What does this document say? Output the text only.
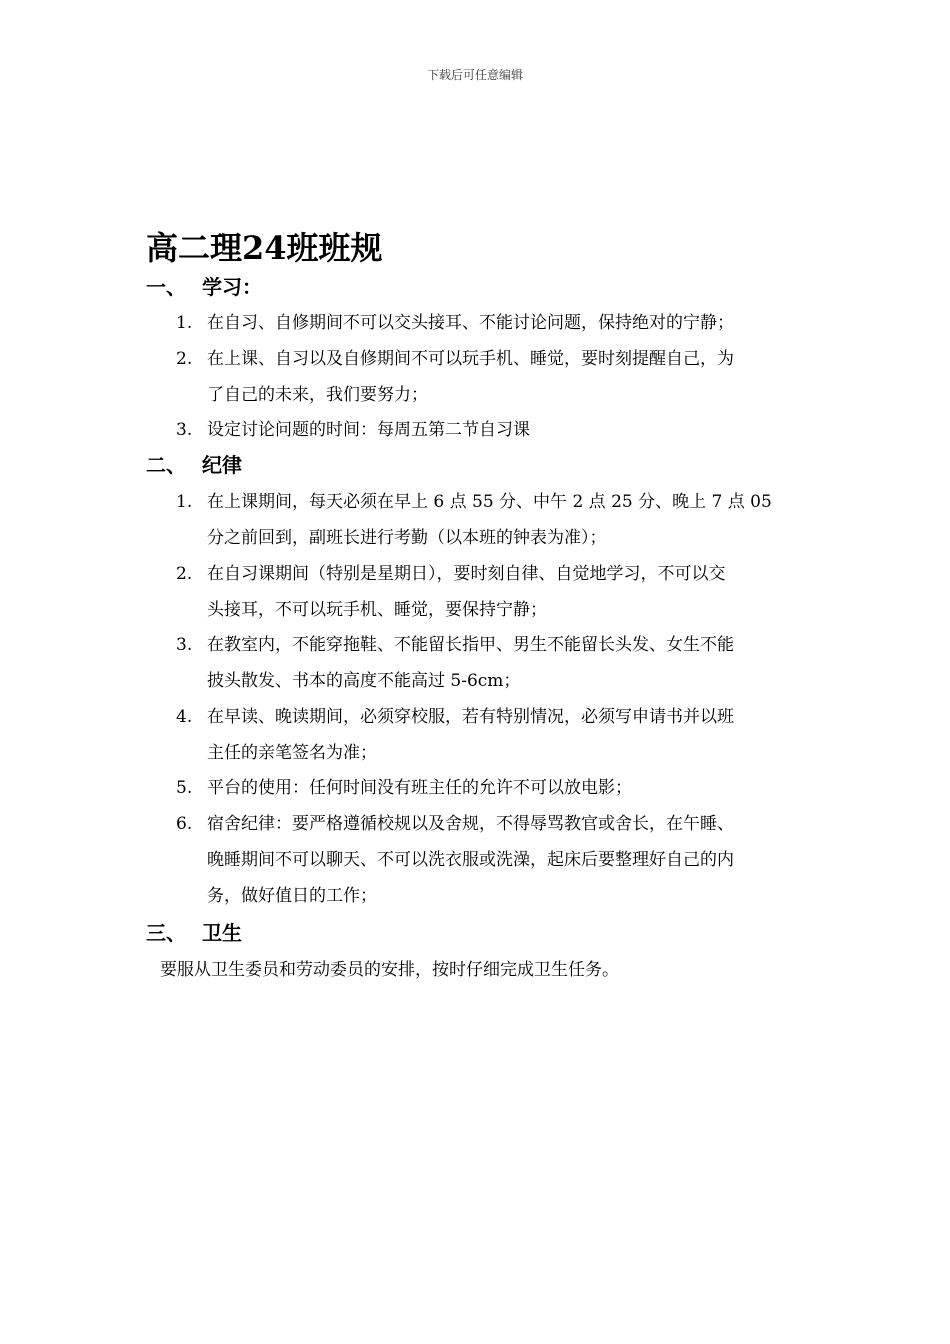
下载后可任意编辑
高二理24班班规
一、 学习：
1. 在自习、自修期间不可以交头接耳、不能讨论问题，保持绝对的宁静；
2. 在上课、自习以及自修期间不可以玩手机、睡觉，要时刻提醒自己，为
了自己的未来，我们要努力；
3. 设定讨论问题的时间：每周五第二节自习课
二、 纪律
1. 在上课期间，每天必须在早上 6 点 55 分、中午 2 点 25 分、晚上 7 点 05
分之前回到，副班长进行考勤（以本班的钟表为准）；
2. 在自习课期间（特别是星期日），要时刻自律、自觉地学习，不可以交
头接耳，不可以玩手机、睡觉，要保持宁静；
3. 在教室内，不能穿拖鞋、不能留长指甲、男生不能留长头发、女生不能
披头散发、书本的高度不能高过 5-6cm；
4. 在早读、晚读期间，必须穿校服，若有特别情况，必须写申请书并以班
主任的亲笔签名为准；
5. 平台的使用：任何时间没有班主任的允许不可以放电影；
6. 宿舍纪律：要严格遵循校规以及舍规，不得辱骂教官或舍长，在午睡、
晚睡期间不可以聊天、不可以洗衣服或洗澡，起床后要整理好自己的内
务，做好值日的工作；
三、 卫生
要服从卫生委员和劳动委员的安排，按时仔细完成卫生任务。
